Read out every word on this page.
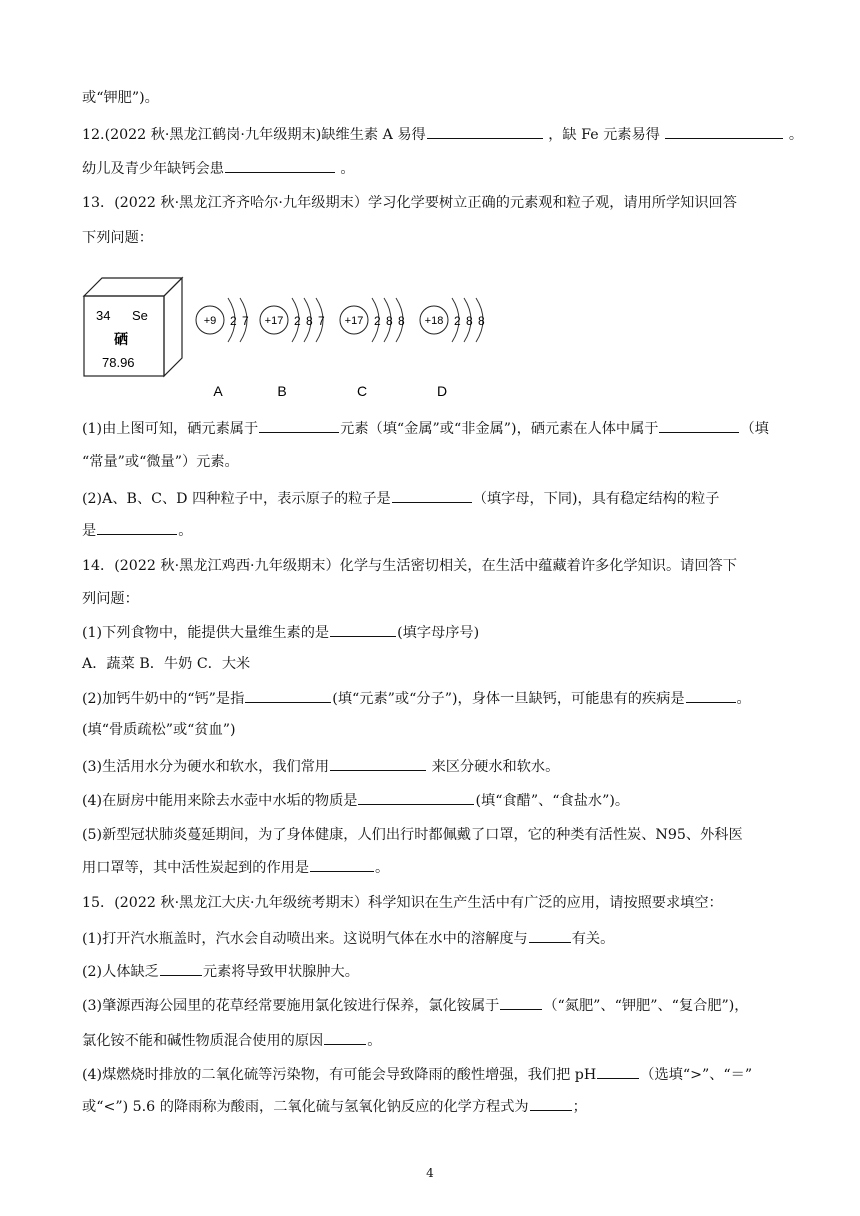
或“钾肥”)。
12.(2022 秋·黑龙江鹤岗·九年级期末)缺维生素 A 易得	，缺 Fe 元素易得	。
幼儿及青少年缺钙会患	。
13．(2022 秋·黑龙江齐齐哈尔·九年级期末）学习化学要树立正确的元素观和粒子观，请用所学知识回答
下列问题：
(1)由上图可知，硒元素属于	元素（填“金属”或“非金属”)，硒元素在人体中属于	（填
“常量”或“微量”）元素。
(2)A、B、C、D 四种粒子中，表示原子的粒子是	（填字母，下同)，具有稳定结构的粒子
是	。
14．(2022 秋·黑龙江鸡西·九年级期末）化学与生活密切相关，在生活中蕴藏着许多化学知识。请回答下
列问题：
(1)下列食物中，能提供大量维生素的是	(填字母序号)
A．蔬菜 B．牛奶 C．大米
(2)加钙牛奶中的“钙”是指	(填“元素”或“分子”)，身体一旦缺钙，可能患有的疾病是	。
(填“骨质疏松”或“贫血”)
(3)生活用水分为硬水和软水，我们常用	来区分硬水和软水。
(4)在厨房中能用来除去水壶中水垢的物质是	(填“食醋”、“食盐水”)。
(5)新型冠状肺炎蔓延期间，为了身体健康，人们出行时都佩戴了口罩，它的种类有活性炭、N95、外科医
用口罩等，其中活性炭起到的作用是	。
15．(2022 秋·黑龙江大庆·九年级统考期末）科学知识在生产生活中有广泛的应用，请按照要求填空：
(1)打开汽水瓶盖时，汽水会自动喷出来。这说明气体在水中的溶解度与	有关。
(2)人体缺乏	元素将导致甲状腺肿大。
(3)肇源西海公园里的花草经常要施用氯化铵进行保养，氯化铵属于	（“氮肥”、“钾肥”、“复合肥”)，
氯化铵不能和碱性物质混合使用的原因	。
(4)煤燃烧时排放的二氧化硫等污染物，有可能会导致降雨的酸性增强，我们把 pH	（选填“>”、“＝”
或“<”) 5.6 的降雨称为酸雨，二氧化硫与氢氧化钠反应的化学方程式为	；
34 Se
硒
78.96
+9 2 7
A
+17 2 8 7
B
+17 2 8 8
C
+18 2 8 8
D
4
